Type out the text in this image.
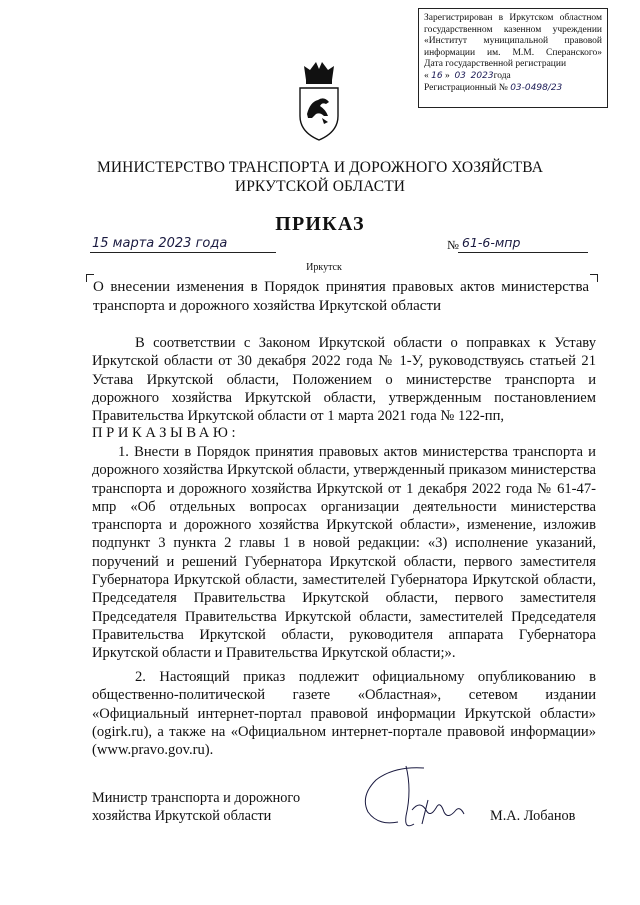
Зарегистрирован в Иркутском областном
государственном казенном учреждении
«Институт муниципальной правовой
информации им. М.М. Сперанского»
Дата государственной регистрации
« 16 » 03 2023года
Регистрационный № 03-0498/23
МИНИСТЕРСТВО ТРАНСПОРТА И ДОРОЖНОГО ХОЗЯЙСТВА
ИРКУТСКОЙ ОБЛАСТИ
ПРИКАЗ
15 марта 2023 года	№ 61-6-мпр
Иркутск
О внесении изменения в Порядок принятия правовых актов министерства транспорта и дорожного хозяйства Иркутской области
В соответствии с Законом Иркутской области о поправках к Уставу Иркутской области от 30 декабря 2022 года № 1-У, руководствуясь статьей 21 Устава Иркутской области, Положением о министерстве транспорта и дорожного хозяйства Иркутской области, утвержденным постановлением Правительства Иркутской области от 1 марта 2021 года № 122-пп,
ПРИКАЗЫВАЮ:
1. Внести в Порядок принятия правовых актов министерства транспорта и дорожного хозяйства Иркутской области, утвержденный приказом министерства транспорта и дорожного хозяйства Иркутской от 1 декабря 2022 года № 61-47-мпр «Об отдельных вопросах организации деятельности министерства транспорта и дорожного хозяйства Иркутской области», изменение, изложив подпункт 3 пункта 2 главы 1 в новой редакции: «3) исполнение указаний, поручений и решений Губернатора Иркутской области, первого заместителя Губернатора Иркутской области, заместителей Губернатора Иркутской области, Председателя Правительства Иркутской области, первого заместителя Председателя Правительства Иркутской области, заместителей Председателя Правительства Иркутской области, руководителя аппарата Губернатора Иркутской области и Правительства Иркутской области;».
2. Настоящий приказ подлежит официальному опубликованию в общественно-политической газете «Областная», сетевом издании «Официальный интернет-портал правовой информации Иркутской области» (ogirk.ru), а также на «Официальном интернет-портале правовой информации» (www.pravo.gov.ru).
Министр транспорта и дорожного
хозяйства Иркутской области	М.А. Лобанов
